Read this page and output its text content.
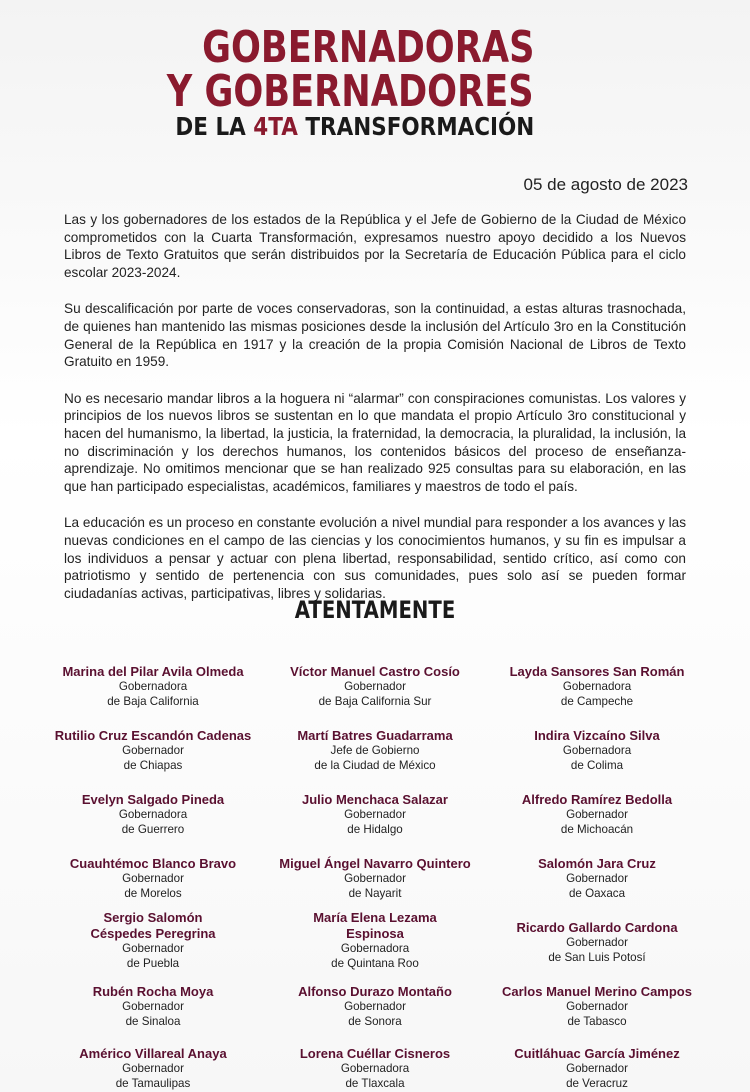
GOBERNADORAS
Y GOBERNADORES
DE LA 4TA TRANSFORMACIÓN
05 de agosto de 2023

Las y los gobernadores de los estados de la República y el Jefe de Gobierno de la Ciudad de México comprometidos con la Cuarta Transformación, expresamos nuestro apoyo decidido a los Nuevos Libros de Texto Gratuitos que serán distribuidos por la Secretaría de Educación Pública para el ciclo escolar 2023-2024.

Su descalificación por parte de voces conservadoras, son la continuidad, a estas alturas trasnochada, de quienes han mantenido las mismas posiciones desde la inclusión del Artículo 3ro en la Constitución General de la República en 1917 y la creación de la propia Comisión Nacional de Libros de Texto Gratuito en 1959.

No es necesario mandar libros a la hoguera ni “alarmar” con conspiraciones comunistas. Los valores y principios de los nuevos libros se sustentan en lo que mandata el propio Artículo 3ro constitucional y hacen del humanismo, la libertad, la justicia, la fraternidad, la democracia, la pluralidad, la inclusión, la no discriminación y los derechos humanos, los contenidos básicos del proceso de enseñanza-aprendizaje. No omitimos mencionar que se han realizado 925 consultas para su elaboración, en las que han participado especialistas, académicos, familiares y maestros de todo el país.

La educación es un proceso en constante evolución a nivel mundial para responder a los avances y las nuevas condiciones en el campo de las ciencias y los conocimientos humanos, y su fin es impulsar a los individuos a pensar y actuar con plena libertad, responsabilidad, sentido crítico, así como con patriotismo y sentido de pertenencia con sus comunidades, pues solo así se pueden formar ciudadanías activas, participativas, libres y solidarias.

ATENTAMENTE
Marina del Pilar Avila Olmeda
Gobernadora
de Baja California
Víctor Manuel Castro Cosío
Gobernador
de Baja California Sur
Layda Sansores San Román
Gobernadora
de Campeche
Rutilio Cruz Escandón Cadenas
Gobernador
de Chiapas
Martí Batres Guadarrama
Jefe de Gobierno
de la Ciudad de México
Indira Vizcaíno Silva
Gobernadora
de Colima
Evelyn Salgado Pineda
Gobernadora
de Guerrero
Julio Menchaca Salazar
Gobernador
de Hidalgo
Alfredo Ramírez Bedolla
Gobernador
de Michoacán
Cuauhtémoc Blanco Bravo
Gobernador
de Morelos
Miguel Ángel Navarro Quintero
Gobernador
de Nayarit
Salomón Jara Cruz
Gobernador
de Oaxaca
Sergio Salomón Céspedes Peregrina
Gobernador
de Puebla
María Elena Lezama Espinosa
Gobernadora
de Quintana Roo
Ricardo Gallardo Cardona
Gobernador
de San Luis Potosí
Rubén Rocha Moya
Gobernador
de Sinaloa
Alfonso Durazo Montaño
Gobernador
de Sonora
Carlos Manuel Merino Campos
Gobernador
de Tabasco
Américo Villareal Anaya
Gobernador
de Tamaulipas
Lorena Cuéllar Cisneros
Gobernadora
de Tlaxcala
Cuitláhuac García Jiménez
Gobernador
de Veracruz
